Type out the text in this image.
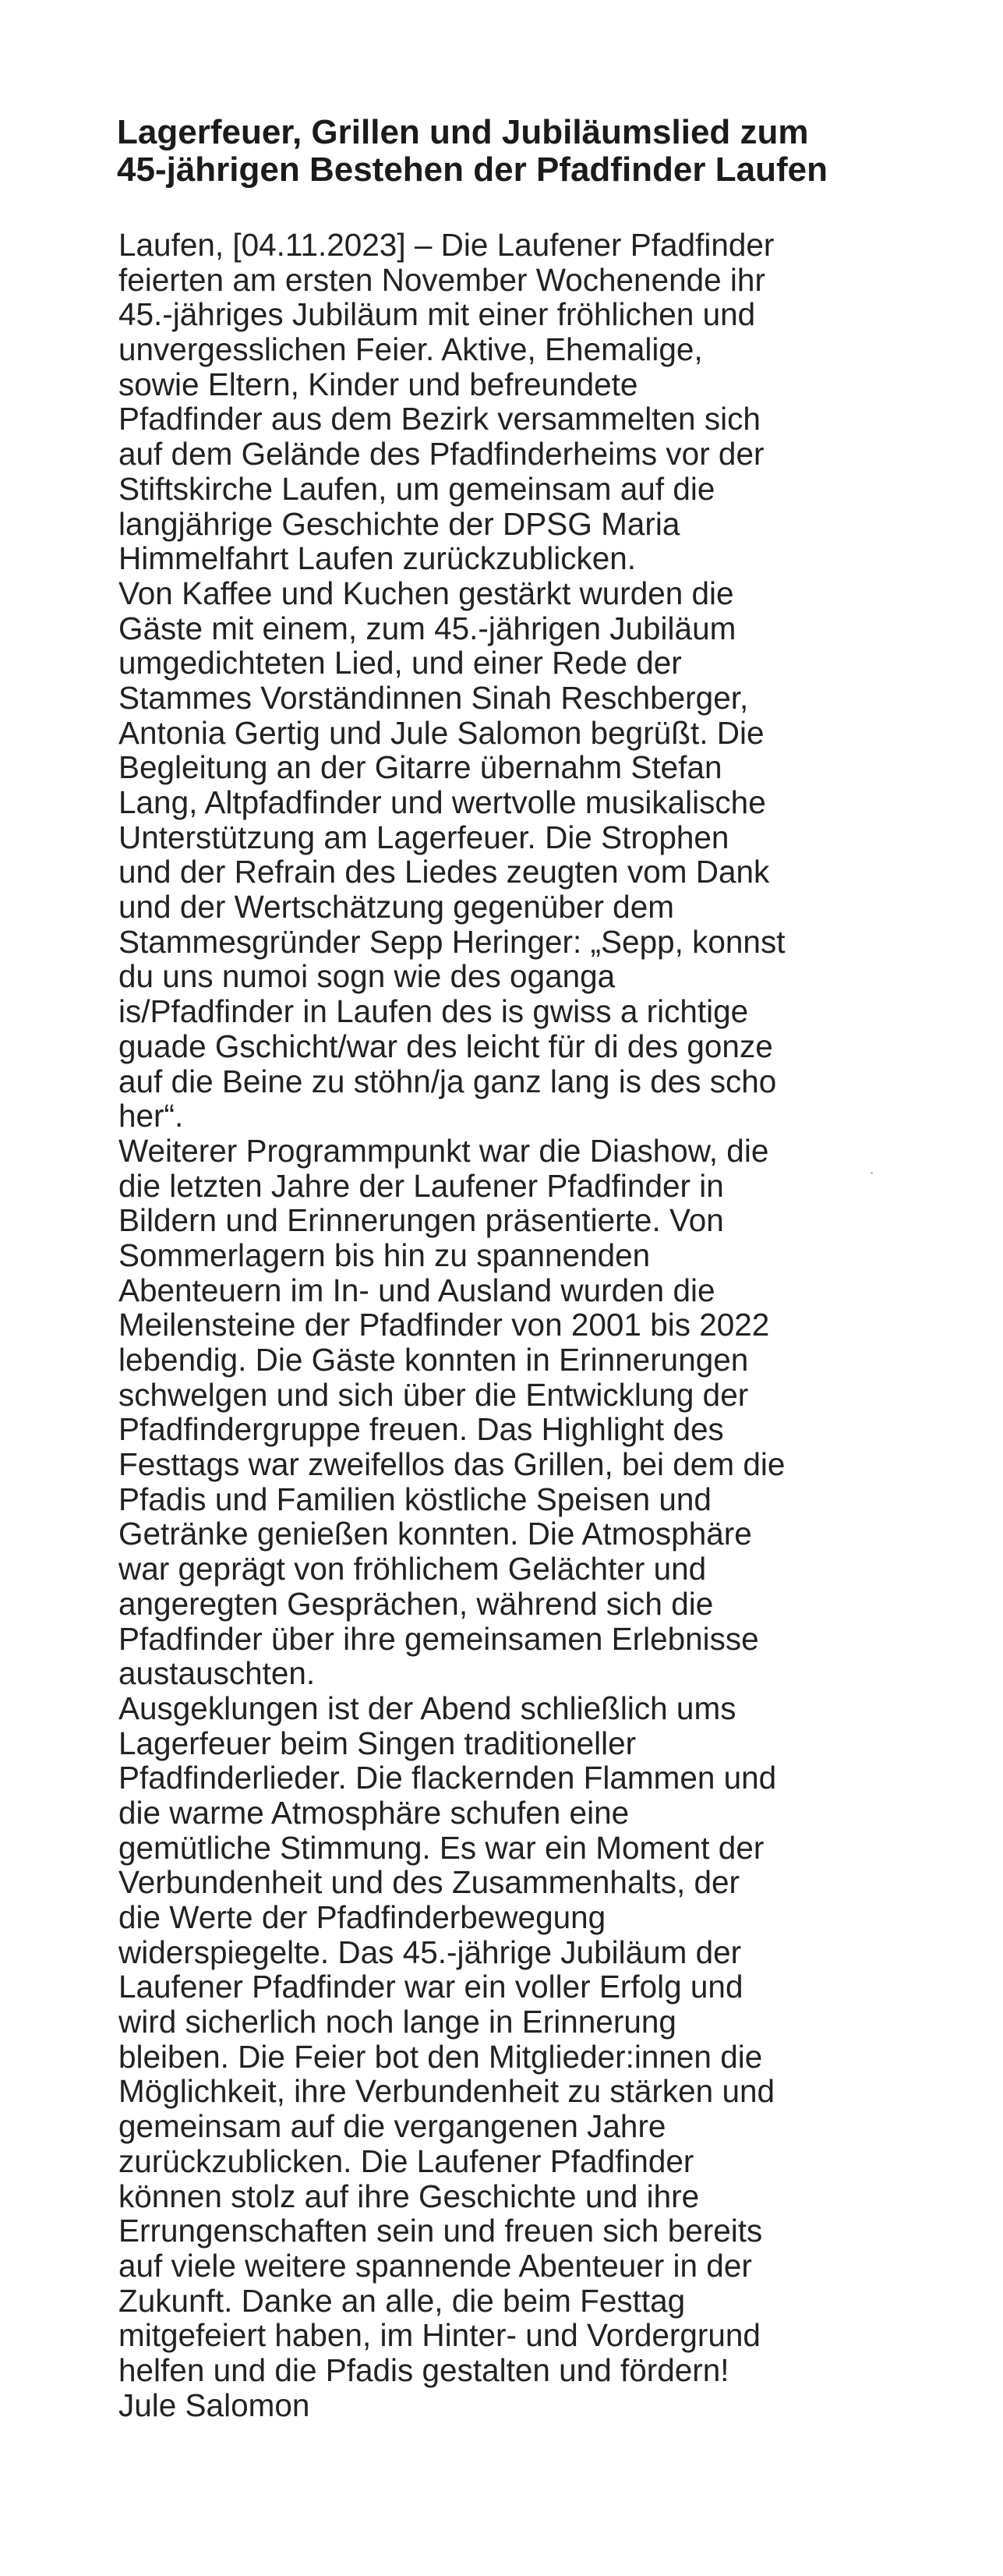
Lagerfeuer, Grillen und Jubiläumslied zum
45-jährigen Bestehen der Pfadfinder Laufen
Laufen, [04.11.2023] – Die Laufener Pfadfinder
feierten am ersten November Wochenende ihr
45.-jähriges Jubiläum mit einer fröhlichen und
unvergesslichen Feier. Aktive, Ehemalige,
sowie Eltern, Kinder und befreundete
Pfadfinder aus dem Bezirk versammelten sich
auf dem Gelände des Pfadfinderheims vor der
Stiftskirche Laufen, um gemeinsam auf die
langjährige Geschichte der DPSG Maria
Himmelfahrt Laufen zurückzublicken.
Von Kaffee und Kuchen gestärkt wurden die
Gäste mit einem, zum 45.-jährigen Jubiläum
umgedichteten Lied, und einer Rede der
Stammes Vorständinnen Sinah Reschberger,
Antonia Gertig und Jule Salomon begrüßt. Die
Begleitung an der Gitarre übernahm Stefan
Lang, Altpfadfinder und wertvolle musikalische
Unterstützung am Lagerfeuer. Die Strophen
und der Refrain des Liedes zeugten vom Dank
und der Wertschätzung gegenüber dem
Stammesgründer Sepp Heringer: „Sepp, konnst
du uns numoi sogn wie des oganga
is/Pfadfinder in Laufen des is gwiss a richtige
guade Gschicht/war des leicht für di des gonze
auf die Beine zu stöhn/ja ganz lang is des scho
her“.
Weiterer Programmpunkt war die Diashow, die
die letzten Jahre der Laufener Pfadfinder in
Bildern und Erinnerungen präsentierte. Von
Sommerlagern bis hin zu spannenden
Abenteuern im In- und Ausland wurden die
Meilensteine der Pfadfinder von 2001 bis 2022
lebendig. Die Gäste konnten in Erinnerungen
schwelgen und sich über die Entwicklung der
Pfadfindergruppe freuen. Das Highlight des
Festtags war zweifellos das Grillen, bei dem die
Pfadis und Familien köstliche Speisen und
Getränke genießen konnten. Die Atmosphäre
war geprägt von fröhlichem Gelächter und
angeregten Gesprächen, während sich die
Pfadfinder über ihre gemeinsamen Erlebnisse
austauschten.
Ausgeklungen ist der Abend schließlich ums
Lagerfeuer beim Singen traditioneller
Pfadfinderlieder. Die flackernden Flammen und
die warme Atmosphäre schufen eine
gemütliche Stimmung. Es war ein Moment der
Verbundenheit und des Zusammenhalts, der
die Werte der Pfadfinderbewegung
widerspiegelte. Das 45.-jährige Jubiläum der
Laufener Pfadfinder war ein voller Erfolg und
wird sicherlich noch lange in Erinnerung
bleiben. Die Feier bot den Mitglieder:innen die
Möglichkeit, ihre Verbundenheit zu stärken und
gemeinsam auf die vergangenen Jahre
zurückzublicken. Die Laufener Pfadfinder
können stolz auf ihre Geschichte und ihre
Errungenschaften sein und freuen sich bereits
auf viele weitere spannende Abenteuer in der
Zukunft. Danke an alle, die beim Festtag
mitgefeiert haben, im Hinter- und Vordergrund
helfen und die Pfadis gestalten und fördern!
Jule Salomon
